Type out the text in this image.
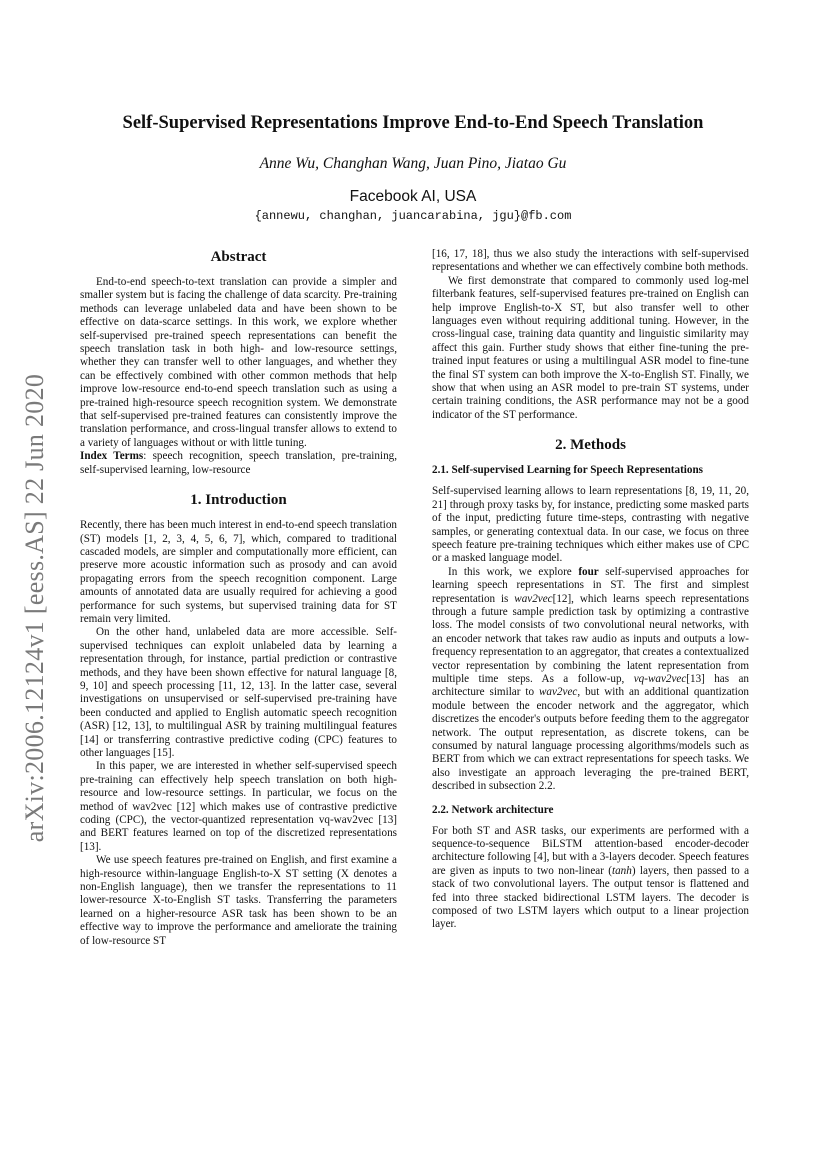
arXiv:2006.12124v1 [eess.AS] 22 Jun 2020
Self-Supervised Representations Improve End-to-End Speech Translation
Anne Wu, Changhan Wang, Juan Pino, Jiatao Gu
Facebook AI, USA
{annewu, changhan, juancarabina, jgu}@fb.com
Abstract

End-to-end speech-to-text translation can provide a simpler and smaller system but is facing the challenge of data scarcity. Pre-training methods can leverage unlabeled data and have been shown to be effective on data-scarce settings. In this work, we explore whether self-supervised pre-trained speech representations can benefit the speech translation task in both high- and low-resource settings, whether they can transfer well to other languages, and whether they can be effectively combined with other common methods that help improve low-resource end-to-end speech translation such as using a pre-trained high-resource speech recognition system. We demonstrate that self-supervised pre-trained features can consistently improve the translation performance, and cross-lingual transfer allows to extend to a variety of languages without or with little tuning.

Index Terms: speech recognition, speech translation, pre-training, self-supervised learning, low-resource

1. Introduction

Recently, there has been much interest in end-to-end speech translation (ST) models [1, 2, 3, 4, 5, 6, 7], which, compared to traditional cascaded models, are simpler and computationally more efficient, can preserve more acoustic information such as prosody and can avoid propagating errors from the speech recognition component. Large amounts of annotated data are usually required for achieving a good performance for such systems, but supervised training data for ST remain very limited.

On the other hand, unlabeled data are more accessible. Self-supervised techniques can exploit unlabeled data by learning a representation through, for instance, partial prediction or contrastive methods, and they have been shown effective for natural language [8, 9, 10] and speech processing [11, 12, 13]. In the latter case, several investigations on unsupervised or self-supervised pre-training have been conducted and applied to English automatic speech recognition (ASR) [12, 13], to multilingual ASR by training multilingual features [14] or transferring contrastive predictive coding (CPC) features to other languages [15].

In this paper, we are interested in whether self-supervised speech pre-training can effectively help speech translation on both high-resource and low-resource settings. In particular, we focus on the method of wav2vec [12] which makes use of contrastive predictive coding (CPC), the vector-quantized representation vq-wav2vec [13] and BERT features learned on top of the discretized representations [13].

We use speech features pre-trained on English, and first examine a high-resource within-language English-to-X ST setting (X denotes a non-English language), then we transfer the representations to 11 lower-resource X-to-English ST tasks. Transferring the parameters learned on a higher-resource ASR task has been shown to be an effective way to improve the performance and ameliorate the training of low-resource ST

[16, 17, 18], thus we also study the interactions with self-supervised representations and whether we can effectively combine both methods.

We first demonstrate that compared to commonly used log-mel filterbank features, self-supervised features pre-trained on English can help improve English-to-X ST, but also transfer well to other languages even without requiring additional tuning. However, in the cross-lingual case, training data quantity and linguistic similarity may affect this gain. Further study shows that either fine-tuning the pre-trained input features or using a multilingual ASR model to fine-tune the final ST system can both improve the X-to-English ST. Finally, we show that when using an ASR model to pre-train ST systems, under certain training conditions, the ASR performance may not be a good indicator of the ST performance.

2. Methods
2.1. Self-supervised Learning for Speech Representations

Self-supervised learning allows to learn representations [8, 19, 11, 20, 21] through proxy tasks by, for instance, predicting some masked parts of the input, predicting future time-steps, contrasting with negative samples, or generating contextual data. In our case, we focus on three speech feature pre-training techniques which either makes use of CPC or a masked language model.

In this work, we explore four self-supervised approaches for learning speech representations in ST. The first and simplest representation is wav2vec[12], which learns speech representations through a future sample prediction task by optimizing a contrastive loss. The model consists of two convolutional neural networks, with an encoder network that takes raw audio as inputs and outputs a low-frequency representation to an aggregator, that creates a contextualized vector representation by combining the latent representation from multiple time steps. As a follow-up, vq-wav2vec[13] has an architecture similar to wav2vec, but with an additional quantization module between the encoder network and the aggregator, which discretizes the encoder's outputs before feeding them to the aggregator network. The output representation, as discrete tokens, can be consumed by natural language processing algorithms/models such as BERT from which we can extract representations for speech tasks. We also investigate an approach leveraging the pre-trained BERT, described in subsection 2.2.

2.2. Network architecture

For both ST and ASR tasks, our experiments are performed with a sequence-to-sequence BiLSTM attention-based encoder-decoder architecture following [4], but with a 3-layers decoder. Speech features are given as inputs to two non-linear (tanh) layers, then passed to a stack of two convolutional layers. The output tensor is flattened and fed into three stacked bidirectional LSTM layers. The decoder is composed of two LSTM layers which output to a linear projection layer.
